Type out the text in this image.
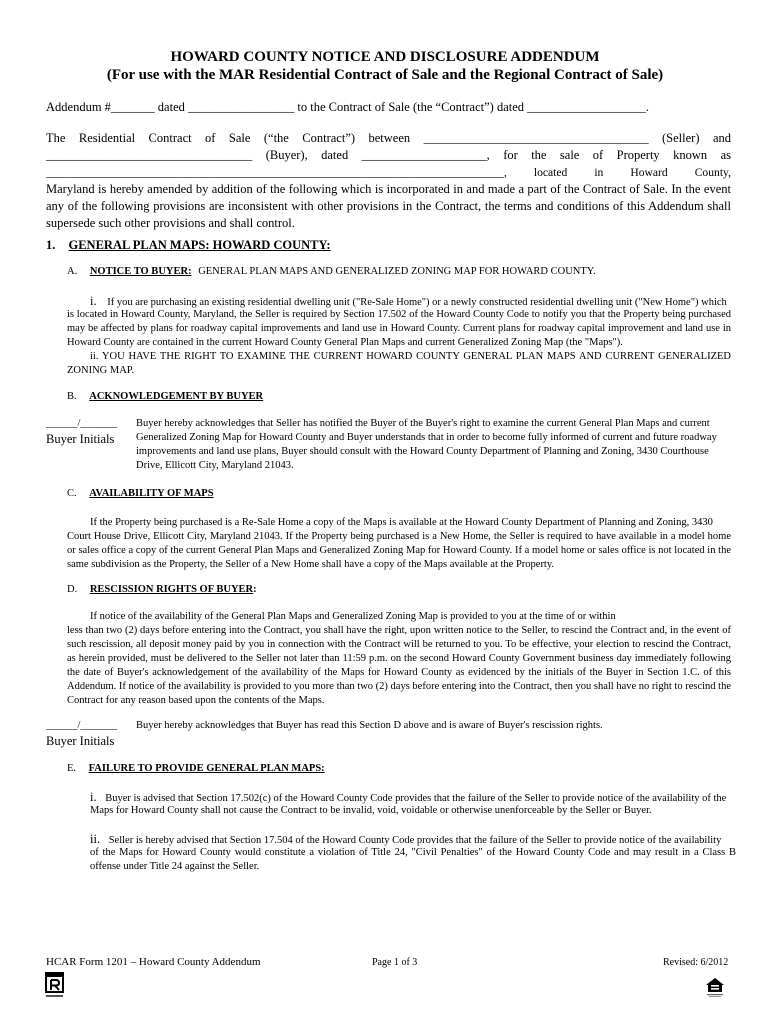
HOWARD COUNTY NOTICE AND DISCLOSURE ADDENDUM
(For use with the MAR Residential Contract of Sale and the Regional Contract of Sale)
Addendum #_______ dated _________________ to the Contract of Sale (the “Contract”) dated ___________________.
The Residential Contract of Sale (“the Contract”) between ____________________________________ (Seller) and
_________________________________ (Buyer), dated ____________________, for the sale of Property known as
_______________________________________________________________________________, located in Howard County,
Maryland is hereby amended by addition of the following which is incorporated in and made a part of the Contract of Sale. In the event any of the following provisions are inconsistent with other provisions in the Contract, the terms and conditions of this Addendum shall supersede such other provisions and shall control.
1. GENERAL PLAN MAPS: HOWARD COUNTY:
A. NOTICE TO BUYER: GENERAL PLAN MAPS AND GENERALIZED ZONING MAP FOR HOWARD COUNTY.
i. If you are purchasing an existing residential dwelling unit ("Re-Sale Home") or a newly constructed residential dwelling unit ("New Home") which
is located in Howard County, Maryland, the Seller is required by Section 17.502 of the Howard County Code to notify you that the Property being purchased may be affected by plans for roadway capital improvements and land use in Howard County. Current plans for roadway capital improvement and land use in Howard County are contained in the current Howard County General Plan Maps and current Generalized Zoning Map (the "Maps").
ii. YOU HAVE THE RIGHT TO EXAMINE THE CURRENT HOWARD COUNTY GENERAL PLAN MAPS AND CURRENT GENERALIZED ZONING MAP.
B. ACKNOWLEDGEMENT BY BUYER
______/_______
Buyer Initials
Buyer hereby acknowledges that Seller has notified the Buyer of the Buyer's right to examine the current General Plan Maps and current Generalized Zoning Map for Howard County and Buyer understands that in order to become fully informed of current and future roadway improvements and land use plans, Buyer should consult with the Howard County Department of Planning and Zoning, 3430 Courthouse Drive, Ellicott City, Maryland 21043.
C. AVAILABILITY OF MAPS
If the Property being purchased is a Re-Sale Home a copy of the Maps is available at the Howard County Department of Planning and Zoning, 3430
Court House Drive, Ellicott City, Maryland 21043. If the Property being purchased is a New Home, the Seller is required to have available in a model home or sales office a copy of the current General Plan Maps and Generalized Zoning Map for Howard County. If a model home or sales office is not located in the same subdivision as the Property, the Seller of a New Home shall have a copy of the Maps available at the Property.
D. RESCISSION RIGHTS OF BUYER:
If notice of the availability of the General Plan Maps and Generalized Zoning Map is provided to you at the time of or within
less than two (2) days before entering into the Contract, you shall have the right, upon written notice to the Seller, to rescind the Contract and, in the event of such rescission, all deposit money paid by you in connection with the Contract will be returned to you. To be effective, your election to rescind the Contract, as herein provided, must be delivered to the Seller not later than 11:59 p.m. on the second Howard County Government business day immediately following the date of Buyer's acknowledgement of the availability of the Maps for Howard County as evidenced by the initials of the Buyer in Section 1.C. of this Addendum. If notice of the availability is provided to you more than two (2) days before entering into the Contract, then you shall have no right to rescind the Contract for any reason based upon the contents of the Maps.
______/_______
Buyer Initials
Buyer hereby acknowledges that Buyer has read this Section D above and is aware of Buyer's rescission rights.
E. FAILURE TO PROVIDE GENERAL PLAN MAPS:
i. Buyer is advised that Section 17.502(c) of the Howard County Code provides that the failure of the Seller to provide notice of the availability of the
Maps for Howard County shall not cause the Contract to be invalid, void, voidable or otherwise unenforceable by the Seller or Buyer.
ii. Seller is hereby advised that Section 17.504 of the Howard County Code provides that the failure of the Seller to provide notice of the availability
of the Maps for Howard County would constitute a violation of Title 24, "Civil Penalties" of the Howard County Code and may result in a Class B offense under Title 24 against the Seller.
HCAR Form 1201 – Howard County Addendum	Page 1 of 3	Revised: 6/2012
